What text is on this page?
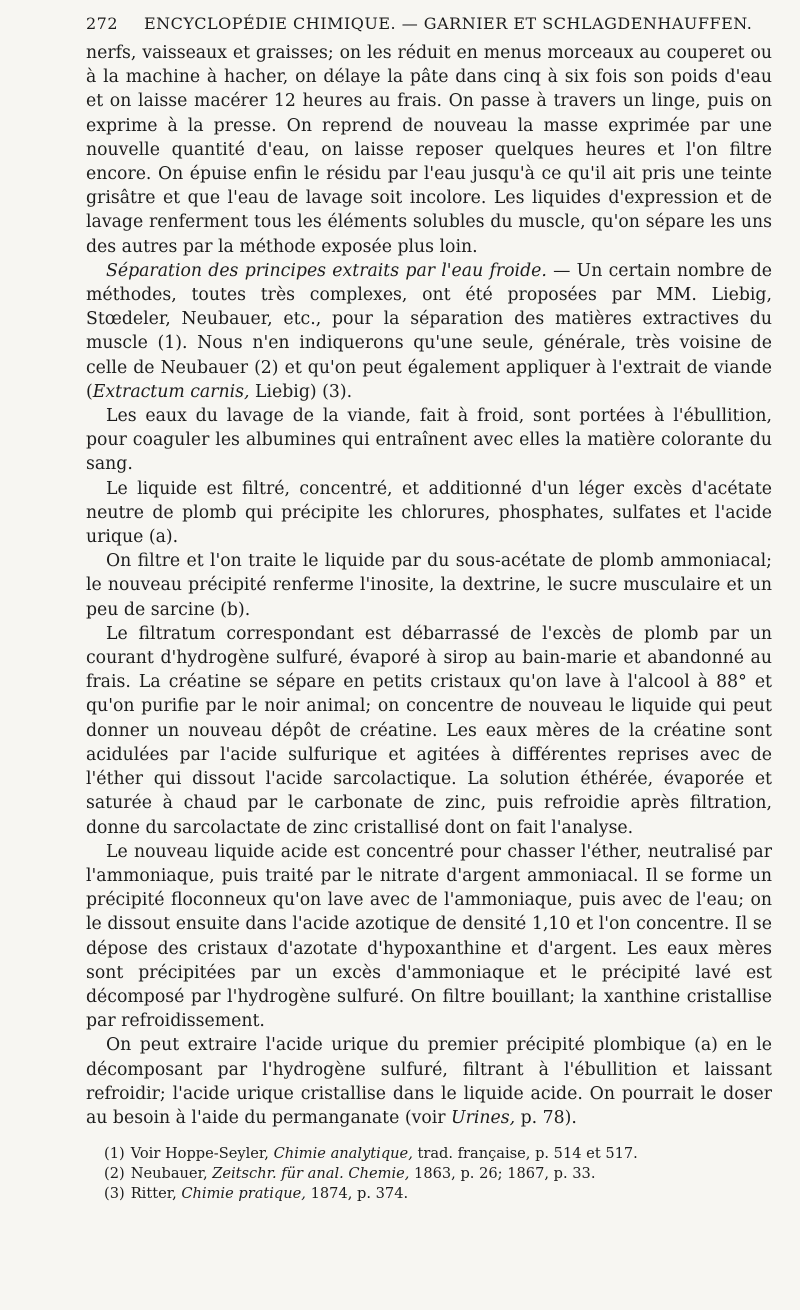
272	ENCYCLOPÉDIE CHIMIQUE. — GARNIER ET SCHLAGDENHAUFFEN.

nerfs, vaisseaux et graisses; on les réduit en menus morceaux au couperet ou à la machine à hacher, on délaye la pâte dans cinq à six fois son poids d'eau et on laisse macérer 12 heures au frais. On passe à travers un linge, puis on exprime à la presse. On reprend de nouveau la masse exprimée par une nouvelle quantité d'eau, on laisse reposer quelques heures et l'on filtre encore. On épuise enfin le résidu par l'eau jusqu'à ce qu'il ait pris une teinte grisâtre et que l'eau de lavage soit incolore. Les liquides d'expression et de lavage renferment tous les éléments solubles du muscle, qu'on sépare les uns des autres par la méthode exposée plus loin.

Séparation des principes extraits par l'eau froide. — Un certain nombre de méthodes, toutes très complexes, ont été proposées par MM. Liebig, Stœdeler, Neubauer, etc., pour la séparation des matières extractives du muscle (1). Nous n'en indiquerons qu'une seule, générale, très voisine de celle de Neubauer (2) et qu'on peut également appliquer à l'extrait de viande (Extractum carnis, Liebig) (3).

Les eaux du lavage de la viande, fait à froid, sont portées à l'ébullition, pour coaguler les albumines qui entraînent avec elles la matière colorante du sang.

Le liquide est filtré, concentré, et additionné d'un léger excès d'acétate neutre de plomb qui précipite les chlorures, phosphates, sulfates et l'acide urique (a).

On filtre et l'on traite le liquide par du sous-acétate de plomb ammoniacal; le nouveau précipité renferme l'inosite, la dextrine, le sucre musculaire et un peu de sarcine (b).

Le filtratum correspondant est débarrassé de l'excès de plomb par un courant d'hydrogène sulfuré, évaporé à sirop au bain-marie et abandonné au frais. La créatine se sépare en petits cristaux qu'on lave à l'alcool à 88° et qu'on purifie par le noir animal; on concentre de nouveau le liquide qui peut donner un nouveau dépôt de créatine. Les eaux mères de la créatine sont acidulées par l'acide sulfurique et agitées à différentes reprises avec de l'éther qui dissout l'acide sarcolactique. La solution éthérée, évaporée et saturée à chaud par le carbonate de zinc, puis refroidie après filtration, donne du sarcolactate de zinc cristallisé dont on fait l'analyse.

Le nouveau liquide acide est concentré pour chasser l'éther, neutralisé par l'ammoniaque, puis traité par le nitrate d'argent ammoniacal. Il se forme un précipité floconneux qu'on lave avec de l'ammoniaque, puis avec de l'eau; on le dissout ensuite dans l'acide azotique de densité 1,10 et l'on concentre. Il se dépose des cristaux d'azotate d'hypoxanthine et d'argent. Les eaux mères sont précipitées par un excès d'ammoniaque et le précipité lavé est décomposé par l'hydrogène sulfuré. On filtre bouillant; la xanthine cristallise par refroidissement.

On peut extraire l'acide urique du premier précipité plombique (a) en le décomposant par l'hydrogène sulfuré, filtrant à l'ébullition et laissant refroidir; l'acide urique cristallise dans le liquide acide. On pourrait le doser au besoin à l'aide du permanganate (voir Urines, p. 78).

(1) Voir Hoppe-Seyler, Chimie analytique, trad. française, p. 514 et 517.
(2) Neubauer, Zeitschr. für anal. Chemie, 1863, p. 26; 1867, p. 33.
(3) Ritter, Chimie pratique, 1874, p. 374.
